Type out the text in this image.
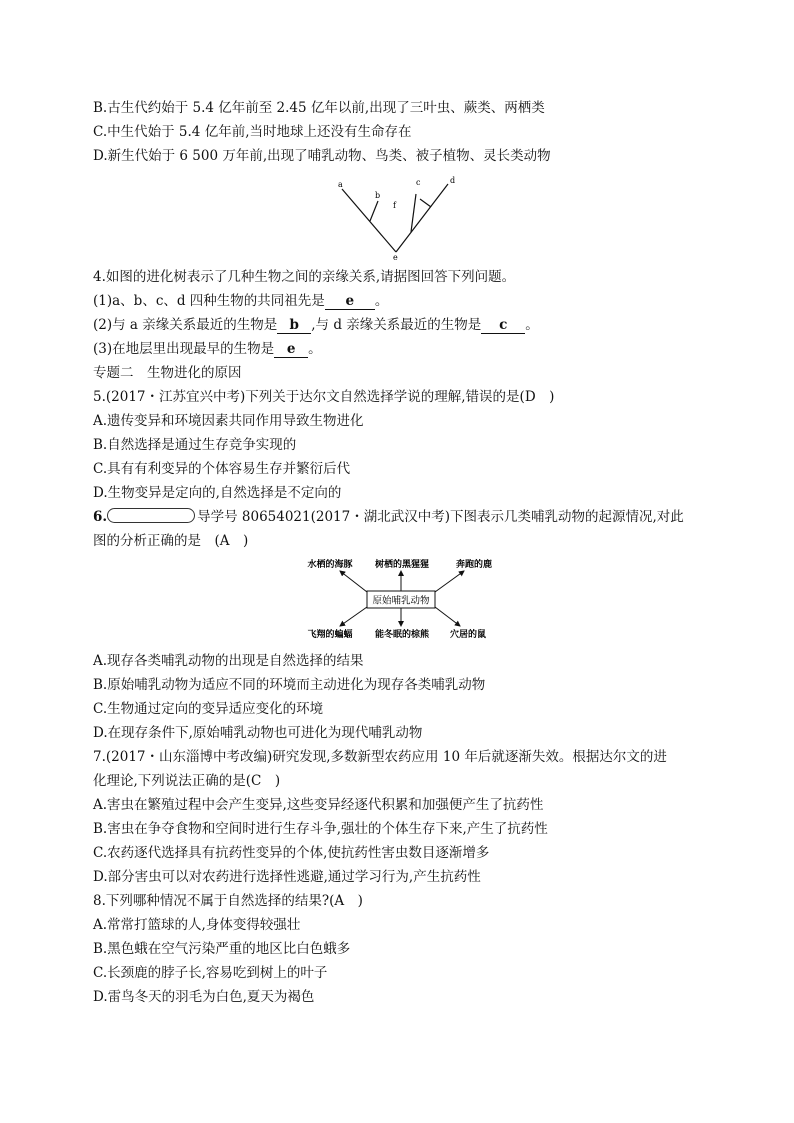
B.古生代约始于 5.4 亿年前至 2.45 亿年以前,出现了三叶虫、蕨类、两栖类
C.中生代始于 5.4 亿年前,当时地球上还没有生命存在
D.新生代始于 6 500 万年前,出现了哺乳动物、鸟类、被子植物、灵长类动物
a
b
c	d
e
f
4.如图的进化树表示了几种生物之间的亲缘关系,请据图回答下列问题。
(1)a、b、c、d 四种生物的共同祖先是 e 。
(2)与 a 亲缘关系最近的生物是 b ,与 d 亲缘关系最近的生物是 c 。
(3)在地层里出现最早的生物是 e 。
专题二　生物进化的原因
5.(2017・江苏宜兴中考)下列关于达尔文自然选择学说的理解,错误的是(D　)
A.遗传变异和环境因素共同作用导致生物进化
B.自然选择是通过生存竞争实现的
C.具有有利变异的个体容易生存并繁衍后代
D.生物变异是定向的,自然选择是不定向的
6.	导学号 80654021(2017・湖北武汉中考)下图表示几类哺乳动物的起源情况,对此
图的分析正确的是　(A　)
原始哺乳动物
水栖的海豚 树栖的黑猩猩	奔跑的鹿
飞翔的蝙蝠 能冬眠的棕熊 穴居的鼠
A.现存各类哺乳动物的出现是自然选择的结果
B.原始哺乳动物为适应不同的环境而主动进化为现存各类哺乳动物
C.生物通过定向的变异适应变化的环境
D.在现存条件下,原始哺乳动物也可进化为现代哺乳动物
7.(2017・山东淄博中考改编)研究发现,多数新型农药应用 10 年后就逐渐失效。根据达尔文的进
化理论,下列说法正确的是(C　)
A.害虫在繁殖过程中会产生变异,这些变异经逐代积累和加强便产生了抗药性
B.害虫在争夺食物和空间时进行生存斗争,强壮的个体生存下来,产生了抗药性
C.农药逐代选择具有抗药性变异的个体,使抗药性害虫数目逐渐增多
D.部分害虫可以对农药进行选择性逃避,通过学习行为,产生抗药性
8.下列哪种情况不属于自然选择的结果?(A　)
A.常常打篮球的人,身体变得较强壮
B.黑色蛾在空气污染严重的地区比白色蛾多
C.长颈鹿的脖子长,容易吃到树上的叶子
D.雷鸟冬天的羽毛为白色,夏天为褐色
